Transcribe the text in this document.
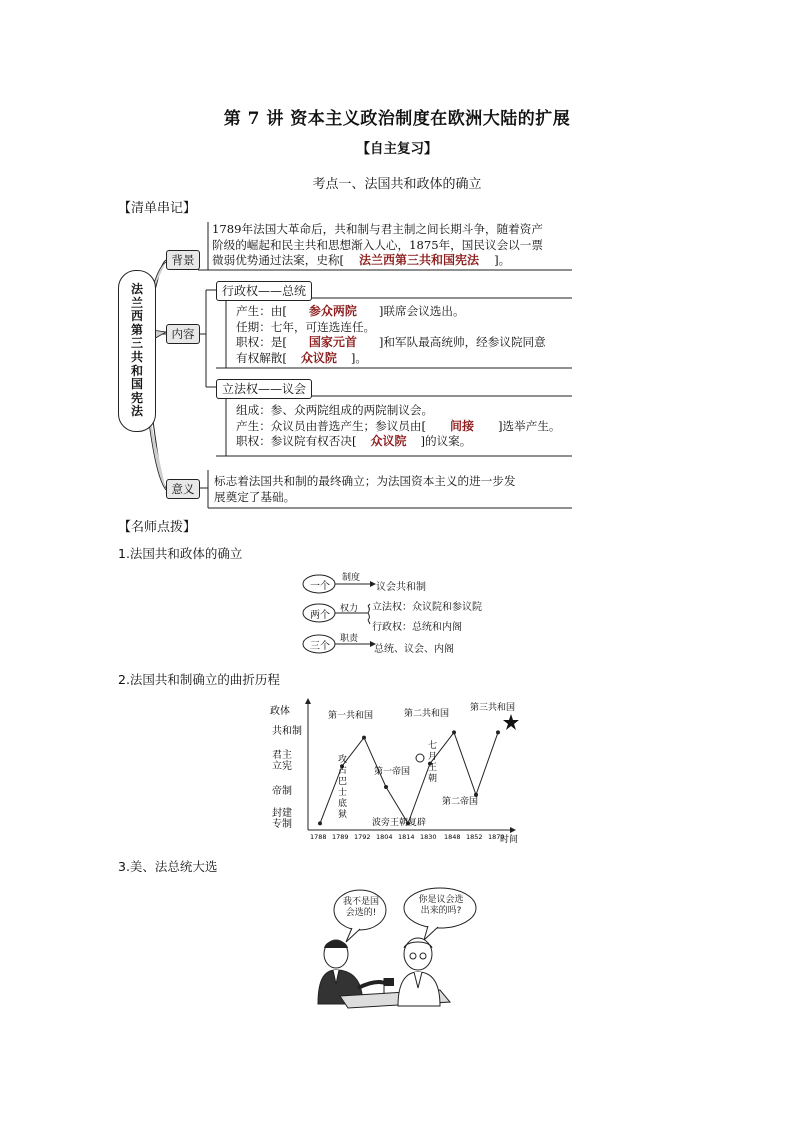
第 7 讲 资本主义政治制度在欧洲大陆的扩展
【自主复习】
考点一、法国共和政体的确立
【清单串记】
法
兰
西
第
三
共
和
国
宪
法
背景
内容
意义
1789年法国大革命后，共和制与君主制之间长期斗争，随着资产
阶级的崛起和民主共和思想渐入人心，1875年，国民议会以一票
微弱优势通过法案，史称[ 法兰西第三共和国宪法 ]。
行政权——总统
产生：由[ 参众两院 ]联席会议选出。
任期：七年，可连选连任。
职权：是[ 国家元首 ]和军队最高统帅，经参议院同意
有权解散[ 众议院 ]。
立法权——议会
组成：参、众两院组成的两院制议会。
产生：众议员由普选产生；参议员由[ 间接 ]选举产生。
职权：参议院有权否决[ 众议院 ]的议案。
标志着法国共和制的最终确立；为法国资本主义的进一步发
展奠定了基础。
【名师点拨】
1.法国共和政体的确立
一个
两个
三个
制度
权力
职责
议会共和制
立法权：众议院和参议院
行政权：总统和内阁
总统、议会、内阁
2.法国共和制确立的曲折历程
政体
时间
共和制
君主
立宪
帝制
封建
专制
1788 1789 1792 1804 1814 1830 1848 1852 1870
第一共和国	第二共和国
第三共和国
第一帝国
第二帝国
波旁王朝复辟
攻
占
巴
士
底
狱
七
月
王
朝
3.美、法总统大选
我不是国
会选的!
你是议会选
出来的吗?
